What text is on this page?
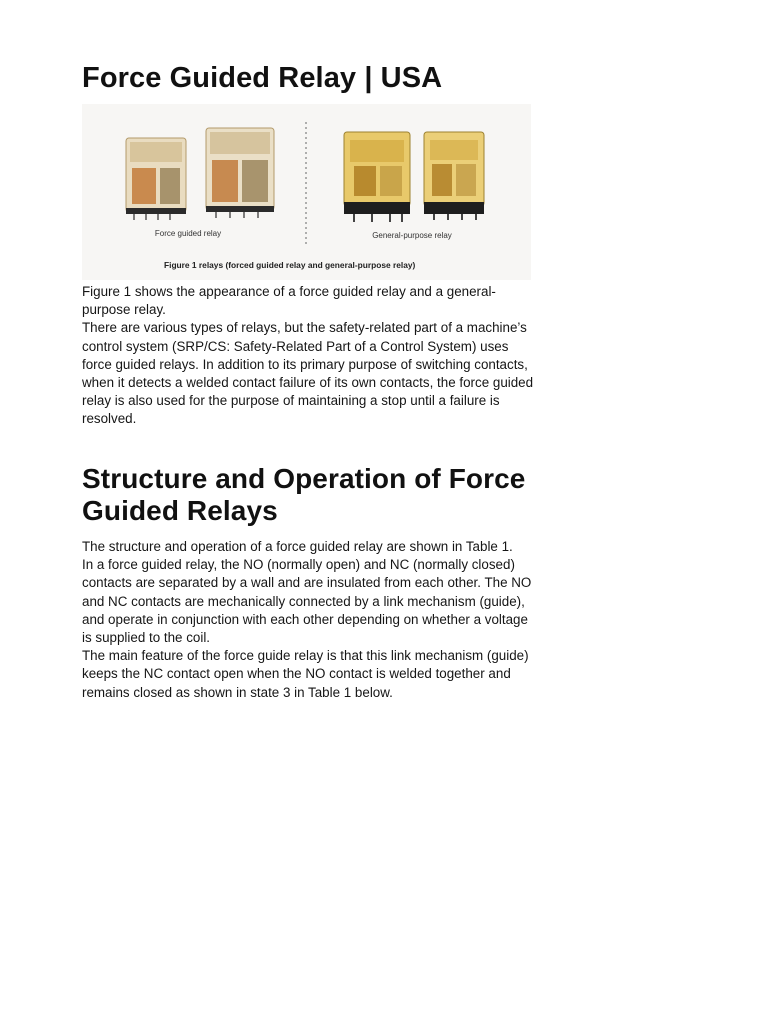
Force Guided Relay | USA
Force guided relay	General-purpose relay
Figure 1 relays (forced guided relay and general-purpose relay)

Figure 1 shows the appearance of a force guided relay and a general-purpose relay.

There are various types of relays, but the safety-related part of a machine’s control system (SRP/CS: Safety-Related Part of a Control System) uses force guided relays. In addition to its primary purpose of switching contacts, when it detects a welded contact failure of its own contacts, the force guided relay is also used for the purpose of maintaining a stop until a failure is resolved.

Structure and Operation of Force Guided Relays

The structure and operation of a force guided relay are shown in Table 1.

In a force guided relay, the NO (normally open) and NC (normally closed) contacts are separated by a wall and are insulated from each other. The NO and NC contacts are mechanically connected by a link mechanism (guide), and operate in conjunction with each other depending on whether a voltage is supplied to the coil.

The main feature of the force guide relay is that this link mechanism (guide) keeps the NC contact open when the NO contact is welded together and remains closed as shown in state 3 in Table 1 below.
